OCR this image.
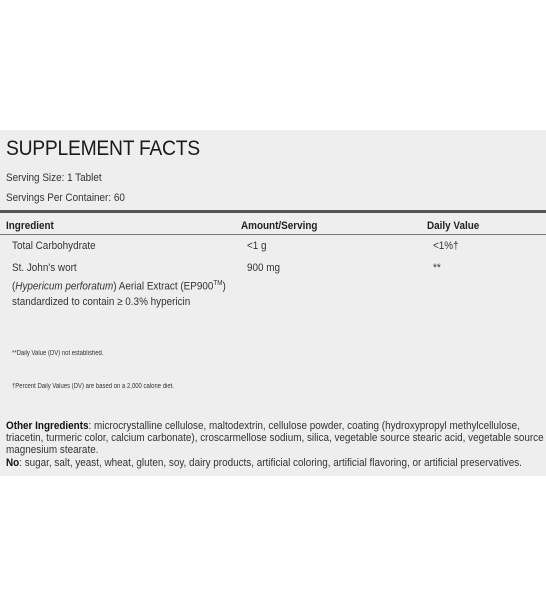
SUPPLEMENT FACTS
Serving Size: 1 Tablet
Servings Per Container: 60
Ingredient	Amount/Serving	Daily Value
Total Carbohydrate	<1 g	<1%†
St. John's wort	900 mg	**
(Hypericum perforatum) Aerial Extract (EP900™)
standardized to contain ≥ 0.3% hypericin
**Daily Value (DV) not established.
†Percent Daily Values (DV) are based on a 2,000 calorie diet.
Other Ingredients: microcrystalline cellulose, maltodextrin, cellulose powder, coating (hydroxypropyl methylcellulose, triacetin, turmeric color, calcium carbonate), croscarmellose sodium, silica, vegetable source stearic acid, vegetable source magnesium stearate.
No: sugar, salt, yeast, wheat, gluten, soy, dairy products, artificial coloring, artificial flavoring, or artificial preservatives.
